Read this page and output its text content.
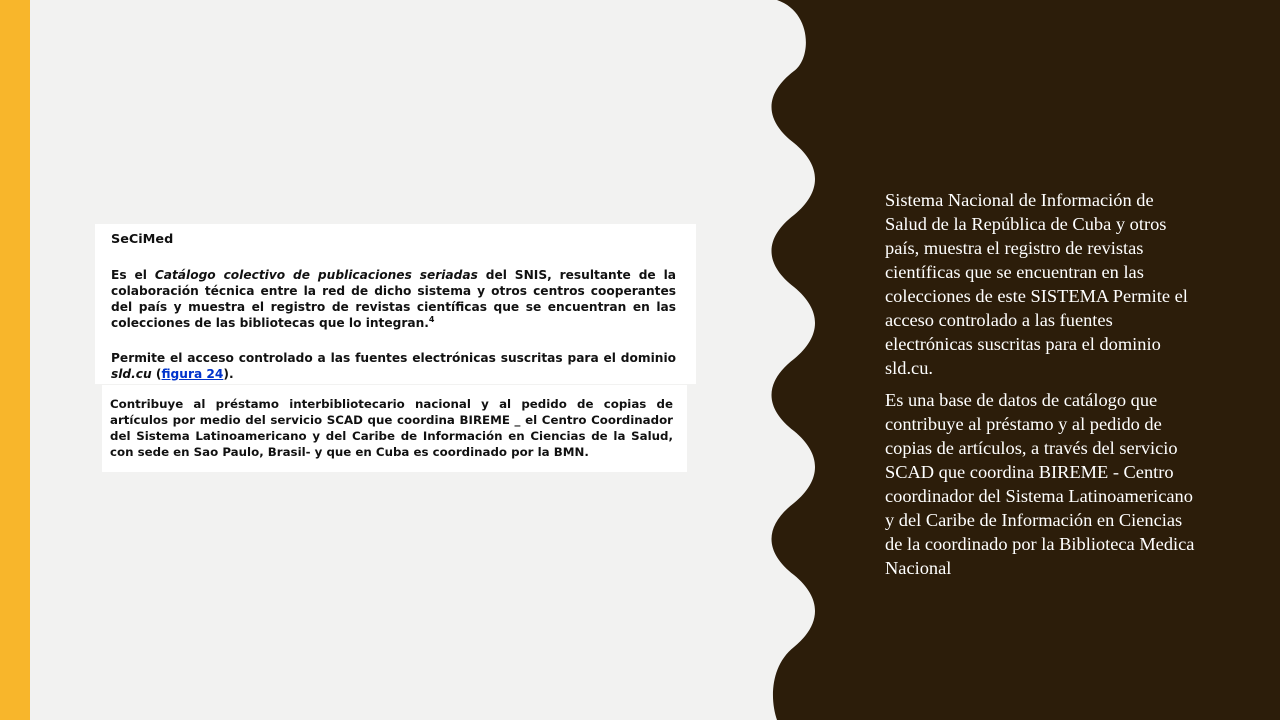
SeCiMed

Es el Catálogo colectivo de publicaciones seriadas del SNIS, resultante de la colaboración técnica entre la red de dicho sistema y otros centros cooperantes del país y muestra el registro de revistas científicas que se encuentran en las colecciones de las bibliotecas que lo integran.$^4$

Permite el acceso controlado a las fuentes electrónicas suscritas para el dominio sld.cu (figura 24).

Contribuye al préstamo interbibliotecario nacional y al pedido de copias de artículos por medio del servicio SCAD que coordina BIREME _ el Centro Coordinador del Sistema Latinoamericano y del Caribe de Información en Ciencias de la Salud, con sede en Sao Paulo, Brasil- y que en Cuba es coordinado por la BMN.

Sistema Nacional de Información de Salud de la República de Cuba y otros país, muestra el registro de revistas científicas que se encuentran en las colecciones de este SISTEMA Permite el acceso controlado a las fuentes electrónicas suscritas para el dominio sld.cu.

Es una base de datos de catálogo que contribuye al préstamo y al pedido de copias de artículos, a través del servicio SCAD que coordina BIREME - Centro coordinador del Sistema Latinoamericano y del Caribe de Información en Ciencias de la coordinado por la Biblioteca Medica Nacional
